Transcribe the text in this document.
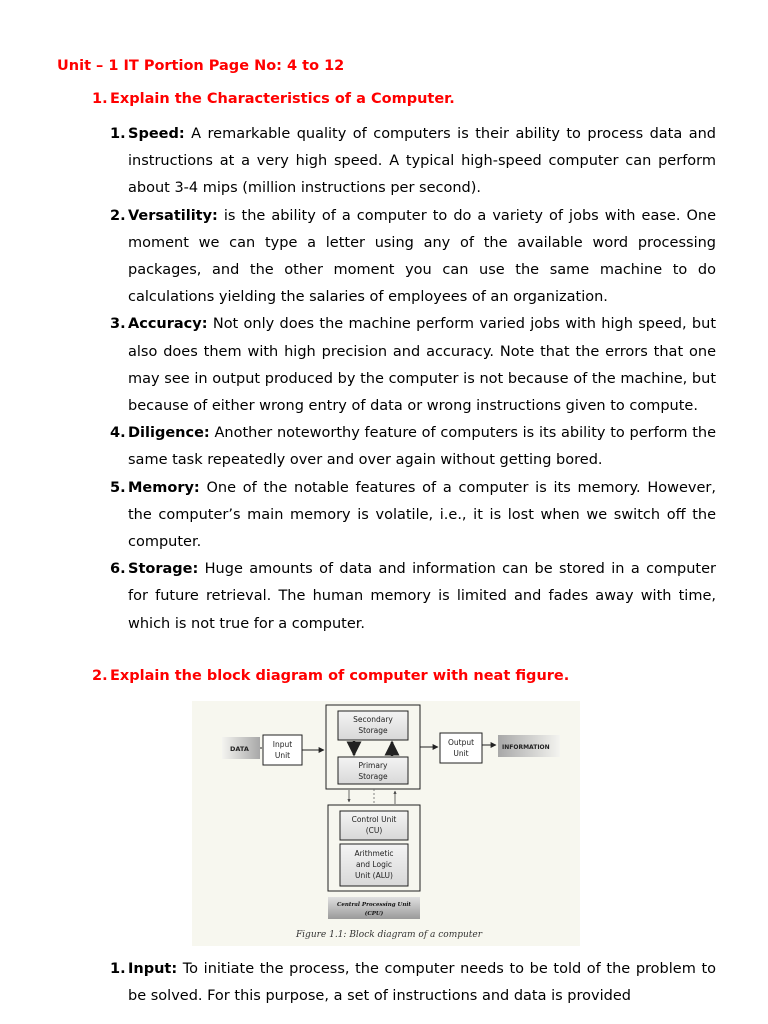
Unit – 1 IT Portion Page No: 4 to 12
1. Explain the Characteristics of a Computer.
1. Speed: A remarkable quality of computers is their ability to process data and instructions at a very high speed. A typical high-speed computer can perform about 3-4 mips (million instructions per second).
2. Versatility: is the ability of a computer to do a variety of jobs with ease. One moment we can type a letter using any of the available word processing packages, and the other moment you can use the same machine to do calculations yielding the salaries of employees of an organization.
3. Accuracy: Not only does the machine perform varied jobs with high speed, but also does them with high precision and accuracy. Note that the errors that one may see in output produced by the computer is not because of the machine, but because of either wrong entry of data or wrong instructions given to compute.
4. Diligence: Another noteworthy feature of computers is its ability to perform the same task repeatedly over and over again without getting bored.
5. Memory: One of the notable features of a computer is its memory. However, the computer’s main memory is volatile, i.e., it is lost when we switch off the computer.
6. Storage: Huge amounts of data and information can be stored in a computer for future retrieval. The human memory is limited and fades away with time, which is not true for a computer.
2. Explain the block diagram of computer with neat figure.
DATA	Input
Unit
Secondary
Storage
Primary
Storage
Output
Unit
INFORMATION
Control Unit
(CU)
Arithmetic
and Logic
Unit (ALU)
Central Processing Unit
(CPU)
Figure 1.1: Block diagram of a computer
1. Input: To initiate the process, the computer needs to be told of the problem to be solved. For this purpose, a set of instructions and data is provided
